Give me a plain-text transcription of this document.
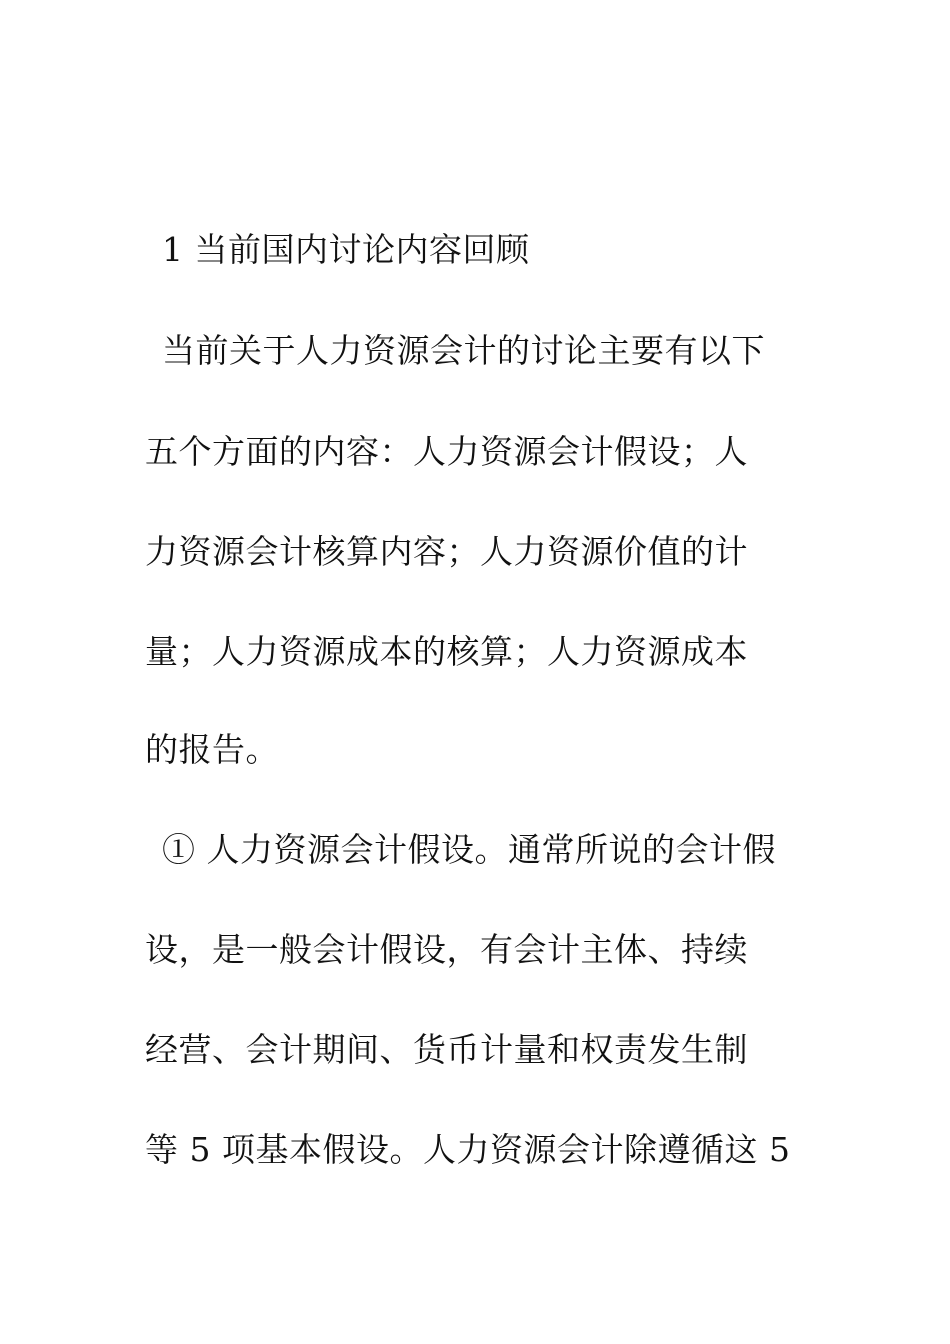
1 当前国内讨论内容回顾
当前关于人力资源会计的讨论主要有以下
五个方面的内容：人力资源会计假设；人
力资源会计核算内容；人力资源价值的计
量；人力资源成本的核算；人力资源成本
的报告。
① 人力资源会计假设。通常所说的会计假
设，是一般会计假设，有会计主体、持续
经营、会计期间、货币计量和权责发生制
等 5 项基本假设。人力资源会计除遵循这 5
